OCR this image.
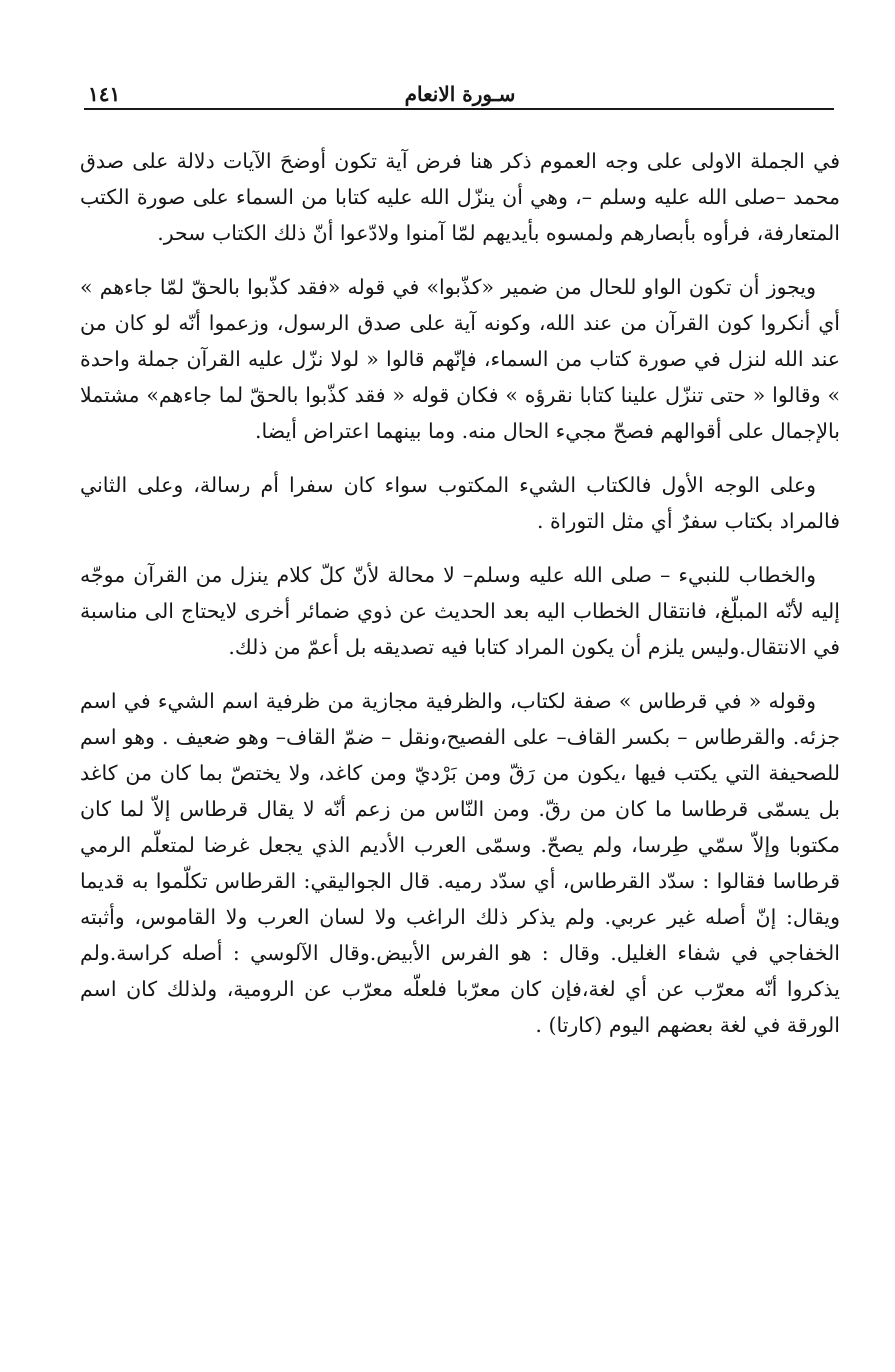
سـورة الانعام
١٤١

في الجملة الاولى على وجه العموم ذكر هنا فرض آية تكون أوضحَ الآيات دلالة على صدق محمد –صلى الله عليه وسلم –، وهي أن ينزّل الله عليه كتابا من السماء على صورة الكتب المتعارفة، فرأوه بأبصارهم ولمسوه بأيديهم لمّا آمنوا ولادّعوا أنّ ذلك الكتاب سحر.

ويجوز أن تكون الواو للحال من ضمير «كذّبوا» في قوله «فقد كذّبوا بالحقّ لمّا جاءهم » أي أنكروا كون القرآن من عند الله، وكونه آية على صدق الرسول، وزعموا أنّه لو كان من عند الله لنزل في صورة كتاب من السماء، فإنّهم قالوا « لولا نزّل عليه القرآن جملة واحدة » وقالوا « حتى تنزّل علينا كتابا نقرؤه » فكان قوله « فقد كذّبوا بالحقّ لما جاءهم» مشتملا بالإجمال على أقوالهم فصحّ مجيء الحال منه. وما بينهما اعتراض أيضا.

وعلى الوجه الأول فالكتاب الشيء المكتوب سواء كان سفرا أم رسالة، وعلى الثاني فالمراد بكتاب سفرٌ أي مثل التوراة .

والخطاب للنبيء – صلى الله عليه وسلم– لا محالة لأنّ كلّ كلام ينزل من القرآن موجّه إليه لأنّه المبلّغ، فانتقال الخطاب اليه بعد الحديث عن ذوي ضمائر أخرى لايحتاج الى مناسبة في الانتقال.وليس يلزم أن يكون المراد كتابا فيه تصديقه بل أعمّ من ذلك.

وقوله « في قرطاس » صفة لكتاب، والظرفية مجازية من ظرفية اسم الشيء في اسم جزئه. والقرطاس – بكسر القاف– على الفصيح،ونقل – ضمّ القاف– وهو ضعيف . وهو اسم للصحيفة التي يكتب فيها ،يكون من رَقّ ومن بَرْديّ ومن كاغد، ولا يختصّ بما كان من كاغد بل يسمّى قرطاسا ما كان من رقّ. ومن النّاس من زعم أنّه لا يقال قرطاس إلاّ لما كان مكتوبا وإلاّ سمّي طِرسا، ولم يصحّ. وسمّى العرب الأديم الذي يجعل غرضا لمتعلّم الرمي قرطاسا فقالوا : سدّد القرطاس، أي سدّد رميه. قال الجواليقي: القرطاس تكلّموا به قديما ويقال: إنّ أصله غير عربي. ولم يذكر ذلك الراغب ولا لسان العرب ولا القاموس، وأثبته الخفاجي في شفاء الغليل. وقال : هو الفرس الأبيض.وقال الآلوسي : أصله كراسة.ولم يذكروا أنّه معرّب عن أي لغة،فإن كان معرّبا فلعلّه معرّب عن الرومية، ولذلك كان اسم الورقة في لغة بعضهم اليوم (كارتا) .
